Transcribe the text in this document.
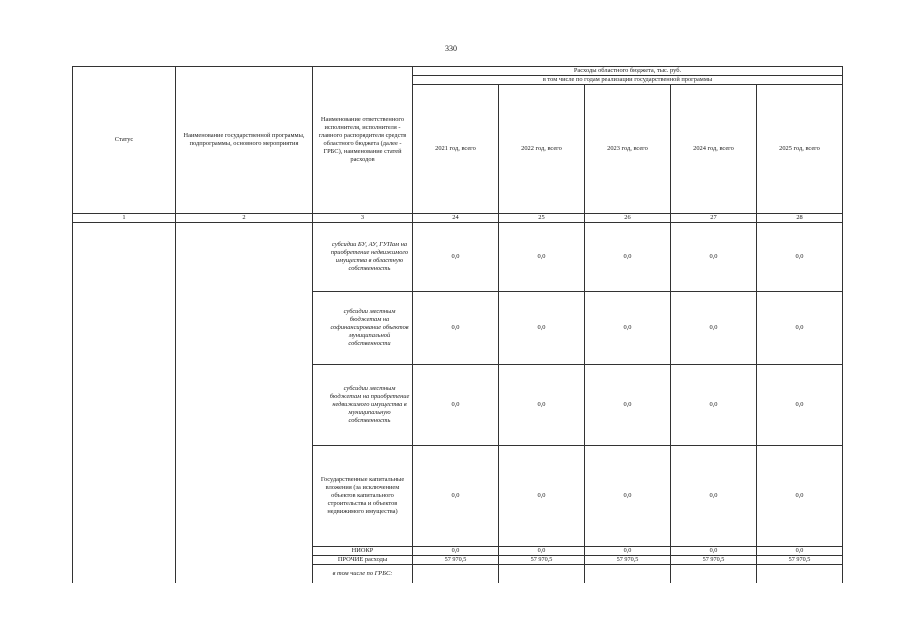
330
Статус	Наименование государственной программы, подпрограммы, основного мероприятия	Наименование ответственного исполнителя, исполнителя - главного распорядителя средств областного бюджета (далее - ГРБС), наименование статей расходов	Расходы областного бюджета, тыс. руб.				
			в том числе по годам реализации государственной программы				
			2021 год, всего	2022 год, всего	2023 год, всего	2024 год, всего	2025 год, всего
1	2	3	24	25	26	27	28
		субсидии БУ, АУ, ГУПам на приобретение недвижимого имущества в областную собственность	0,0	0,0	0,0	0,0	0,0
		субсидии местным бюджетам на софинансирование объектов муниципальной собственности	0,0	0,0	0,0	0,0	0,0
		субсидии местным бюджетам на приобретение недвижимого имущества в муниципальную собственность	0,0	0,0	0,0	0,0	0,0
		Государственные капитальные вложения (за исключением объектов капитального строительства и объектов недвижимого имущества)	0,0	0,0	0,0	0,0	0,0
		НИОКР	0,0	0,0	0,0	0,0	0,0
		ПРОЧИЕ расходы	57 970,5	57 970,5	57 970,5	57 970,5	57 970,5
		в том числе по ГРБС:					
